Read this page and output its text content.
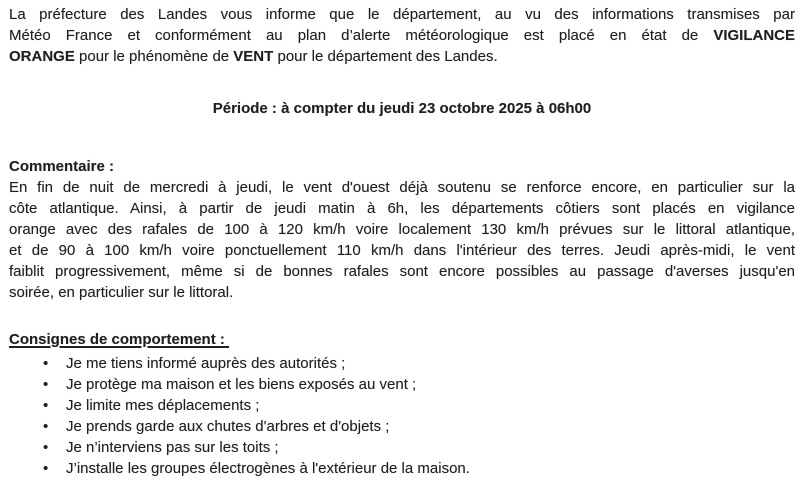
La préfecture des Landes vous informe que le département, au vu des informations transmises par

Météo France et conformément au plan d’alerte météorologique est placé en état de VIGILANCE

ORANGE pour le phénomène de VENT pour le département des Landes.

Période : à compter du jeudi 23 octobre 2025 à 06h00

Commentaire :

En fin de nuit de mercredi à jeudi, le vent d'ouest déjà soutenu se renforce encore, en particulier sur la

côte atlantique. Ainsi, à partir de jeudi matin à 6h, les départements côtiers sont placés en vigilance

orange avec des rafales de 100 à 120 km/h voire localement 130 km/h prévues sur le littoral atlantique,

et de 90 à 100 km/h voire ponctuellement 110 km/h dans l'intérieur des terres. Jeudi après-midi, le vent

faiblit progressivement, même si de bonnes rafales sont encore possibles au passage d'averses jusqu'en

soirée, en particulier sur le littoral.

Consignes de comportement :

• Je me tiens informé auprès des autorités ;
• Je protège ma maison et les biens exposés au vent ;
• Je limite mes déplacements ;
• Je prends garde aux chutes d'arbres et d'objets ;
• Je n’interviens pas sur les toits ;
• J’installe les groupes électrogènes à l'extérieur de la maison.
